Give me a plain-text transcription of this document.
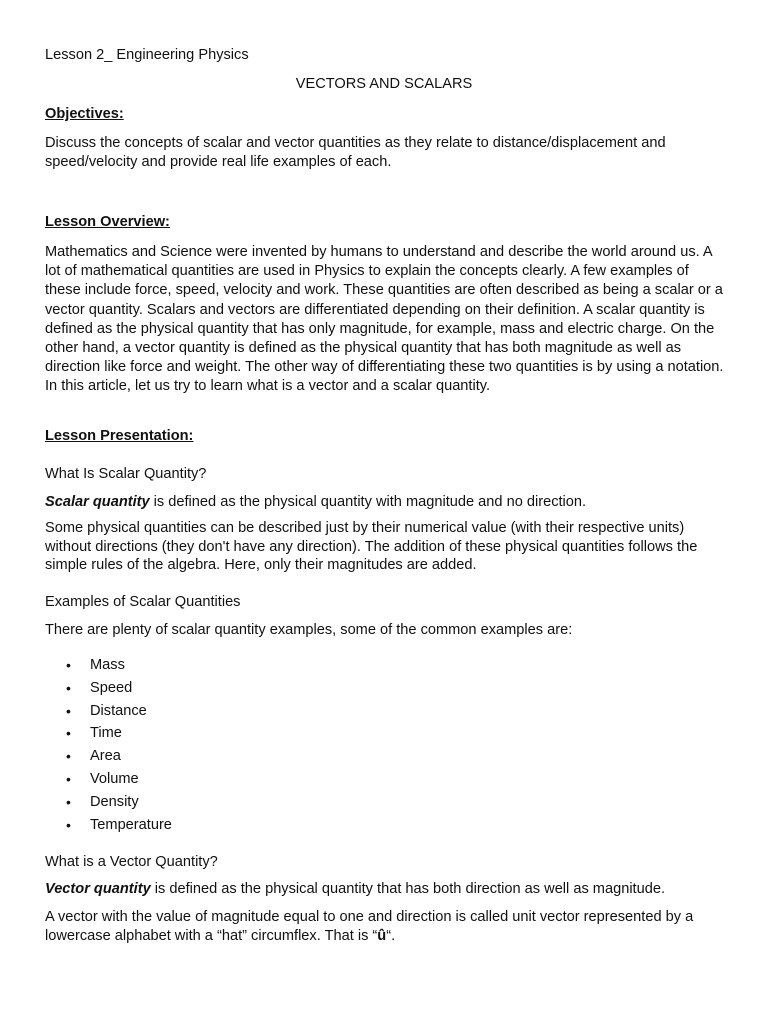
Lesson 2_ Engineering Physics

VECTORS AND SCALARS

Objectives:

Discuss the concepts of scalar and vector quantities as they relate to distance/displacement and speed/velocity and provide real life examples of each.

Lesson Overview:

Mathematics and Science were invented by humans to understand and describe the world around us. A lot of mathematical quantities are used in Physics to explain the concepts clearly. A few examples of these include force, speed, velocity and work. These quantities are often described as being a scalar or a vector quantity. Scalars and vectors are differentiated depending on their definition. A scalar quantity is defined as the physical quantity that has only magnitude, for example, mass and electric charge. On the other hand, a vector quantity is defined as the physical quantity that has both magnitude as well as direction like force and weight. The other way of differentiating these two quantities is by using a notation. In this article, let us try to learn what is a vector and a scalar quantity.

Lesson Presentation:

What Is Scalar Quantity?

Scalar quantity is defined as the physical quantity with magnitude and no direction.

Some physical quantities can be described just by their numerical value (with their respective units) without directions (they don't have any direction). The addition of these physical quantities follows the simple rules of the algebra. Here, only their magnitudes are added.

Examples of Scalar Quantities

There are plenty of scalar quantity examples, some of the common examples are:

• Mass
• Speed
• Distance
• Time
• Area
• Volume
• Density
• Temperature

What is a Vector Quantity?

Vector quantity is defined as the physical quantity that has both direction as well as magnitude.

A vector with the value of magnitude equal to one and direction is called unit vector represented by a lowercase alphabet with a “hat” circumflex. That is “û“.
